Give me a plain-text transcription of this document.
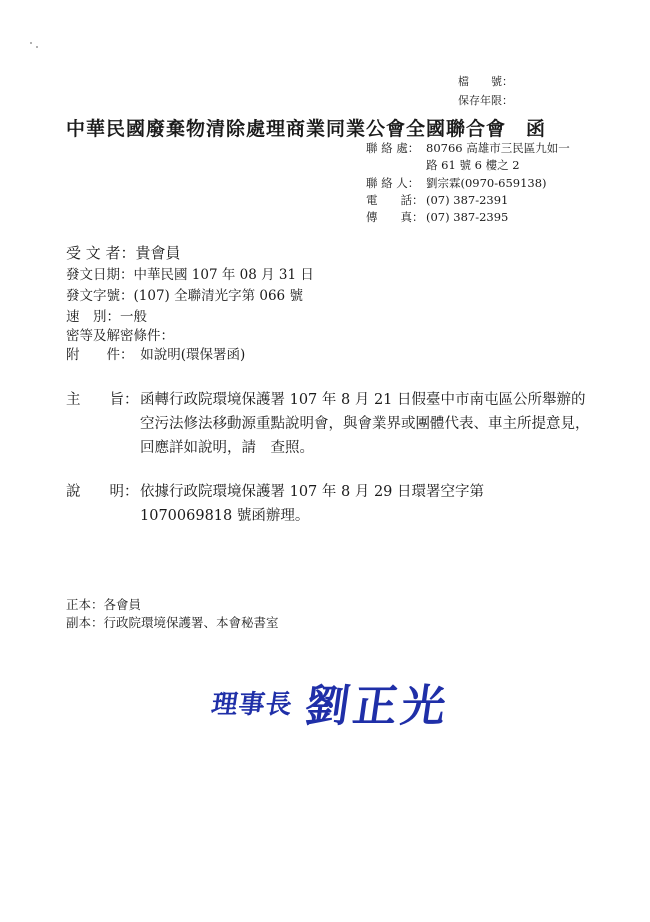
檔　　號：
保存年限：
中華民國廢棄物清除處理商業同業公會全國聯合會　函
聯 絡 處： 80766 高雄市三民區九如一
路 61 號 6 樓之 2
聯 絡 人： 劉宗霖(0970-659138)
電　　話： (07) 387-2391
傳　　真： (07) 387-2395
受 文 者：貴會員
發文日期：中華民國 107 年 08 月 31 日
發文字號：(107) 全聯清光字第 066 號
速　別：一般
密等及解密條件：
附　　件：　如說明(環保署函)
主　　旨： 函轉行政院環境保護署 107 年 8 月 21 日假臺中市南屯區公所舉辦的空污法修法移動源重點說明會，與會業界或團體代表、車主所提意見，回應詳如說明，請　查照。
說　　明： 依據行政院環境保護署 107 年 8 月 29 日環署空字第 1070069818 號函辦理。
正本：各會員
副本：行政院環境保護署、本會秘書室
理事長 劉正光
